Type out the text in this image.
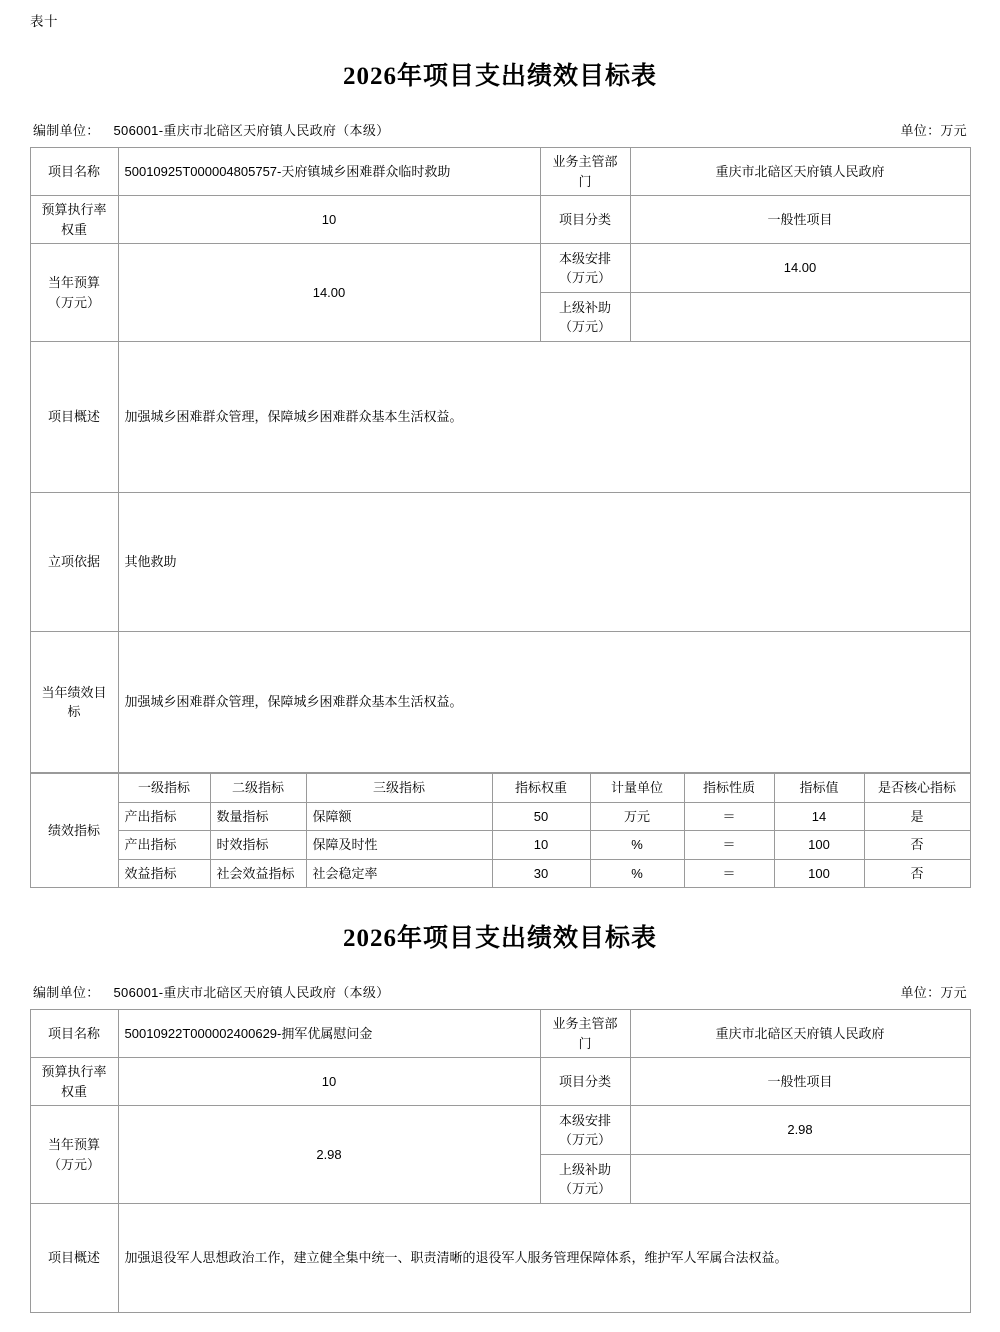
表十
2026年项目支出绩效目标表
编制单位： 506001-重庆市北碚区天府镇人民政府（本级）	单位：万元
项目名称	50010925T000004805757-天府镇城乡困难群众临时救助	业务主管部门	重庆市北碚区天府镇人民政府
预算执行率权重	10	项目分类	一般性项目
当年预算（万元）	14.00	本级安排（万元）	14.00
		上级补助（万元）	
项目概述	加强城乡困难群众管理，保障城乡困难群众基本生活权益。		
立项依据	其他救助		
当年绩效目标	加强城乡困难群众管理，保障城乡困难群众基本生活权益。		
绩效指标	一级指标	二级指标	三级指标	指标权重	计量单位	指标性质	指标值	是否核心指标
	产出指标	数量指标	保障额	50	万元	＝	14	是
	产出指标	时效指标	保障及时性	10	%	＝	100	否
	效益指标	社会效益指标	社会稳定率	30	%	＝	100	否
2026年项目支出绩效目标表
编制单位： 506001-重庆市北碚区天府镇人民政府（本级）	单位：万元
项目名称	50010922T000002400629-拥军优属慰问金	业务主管部门	重庆市北碚区天府镇人民政府
预算执行率权重	10	项目分类	一般性项目
当年预算（万元）	2.98	本级安排（万元）	2.98
		上级补助（万元）	
项目概述	加强退役军人思想政治工作，建立健全集中统一、职责清晰的退役军人服务管理保障体系，维护军人军属合法权益。		
